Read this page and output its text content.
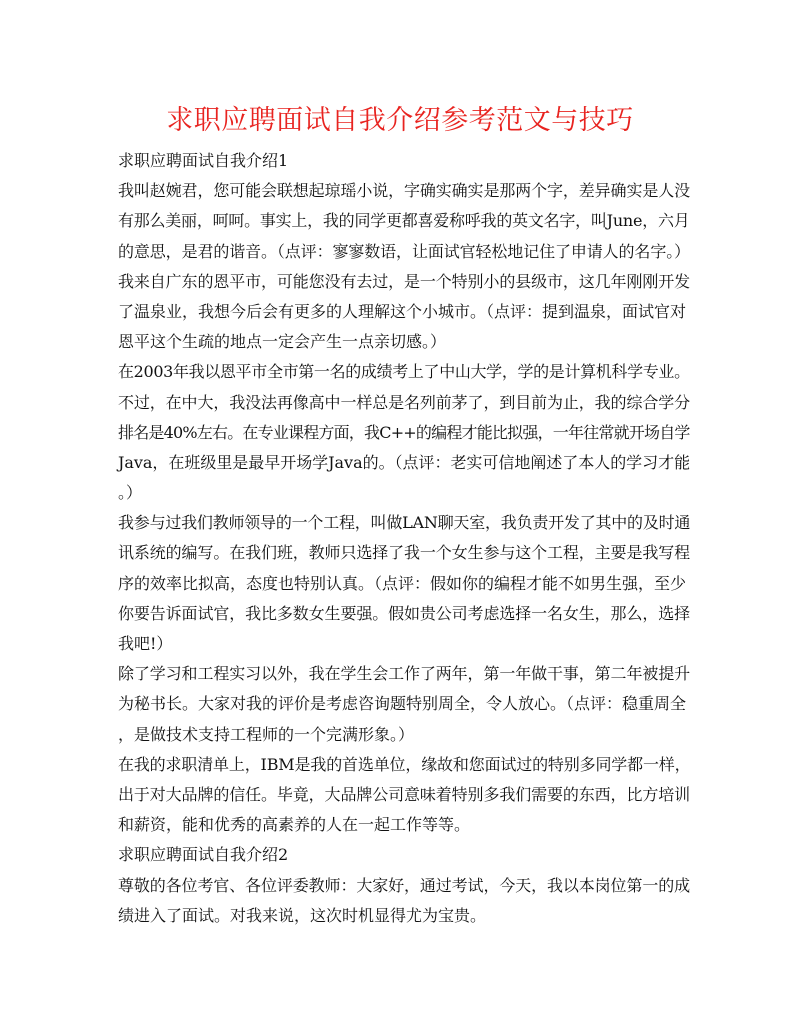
求职应聘面试自我介绍参考范文与技巧
求职应聘面试自我介绍1
我叫赵婉君，您可能会联想起琼瑶小说，字确实确实是那两个字，差异确实是人没
有那么美丽，呵呵。事实上，我的同学更都喜爱称呼我的英文名字，叫June，六月
的意思，是君的谐音。（点评：寥寥数语，让面试官轻松地记住了申请人的名字。）
我来自广东的恩平市，可能您没有去过，是一个特别小的县级市，这几年刚刚开发
了温泉业，我想今后会有更多的人理解这个小城市。（点评：提到温泉，面试官对
恩平这个生疏的地点一定会产生一点亲切感。）
在2003年我以恩平市全市第一名的成绩考上了中山大学，学的是计算机科学专业。
不过，在中大，我没法再像高中一样总是名列前茅了，到目前为止，我的综合学分
排名是40%左右。在专业课程方面，我C++的编程才能比拟强，一年往常就开场自学
Java，在班级里是最早开场学Java的。（点评：老实可信地阐述了本人的学习才能
。）
我参与过我们教师领导的一个工程，叫做LAN聊天室，我负责开发了其中的及时通
讯系统的编写。在我们班，教师只选择了我一个女生参与这个工程，主要是我写程
序的效率比拟高，态度也特别认真。（点评：假如你的编程才能不如男生强，至少
你要告诉面试官，我比多数女生要强。假如贵公司考虑选择一名女生，那么，选择
我吧!）
除了学习和工程实习以外，我在学生会工作了两年，第一年做干事，第二年被提升
为秘书长。大家对我的评价是考虑咨询题特别周全，令人放心。（点评：稳重周全
，是做技术支持工程师的一个完满形象。）
在我的求职清单上，IBM是我的首选单位，缘故和您面试过的特别多同学都一样，
出于对大品牌的信任。毕竟，大品牌公司意味着特别多我们需要的东西，比方培训
和薪资，能和优秀的高素养的人在一起工作等等。
求职应聘面试自我介绍2
尊敬的各位考官、各位评委教师：大家好，通过考试，今天，我以本岗位第一的成
绩进入了面试。对我来说，这次时机显得尤为宝贵。
